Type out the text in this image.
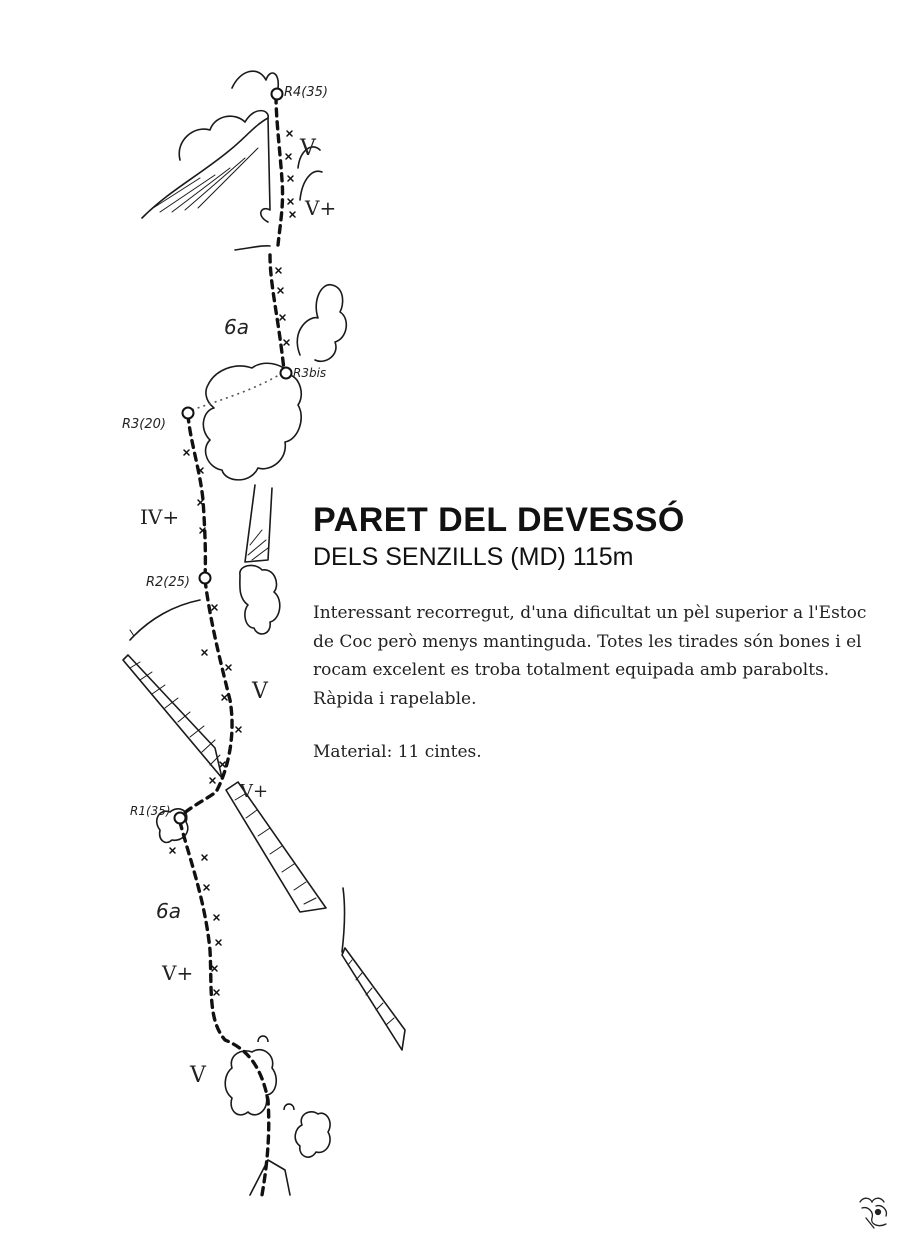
R4(35)
R3bis
R3(20)
R2(25)
R1(35)
V
V+
6a
IV+
V
V+
6a
V+
V
PARET DEL DEVESSÓ

DELS SENZILLS (MD) 115m

Interessant recorregut, d'una dificultat un pèl superior a l'Estoc de Coc però menys mantinguda. Totes les tirades són bones i el rocam excelent es troba totalment equipada amb parabolts. Ràpida i rapelable.

Material: 11 cintes.
